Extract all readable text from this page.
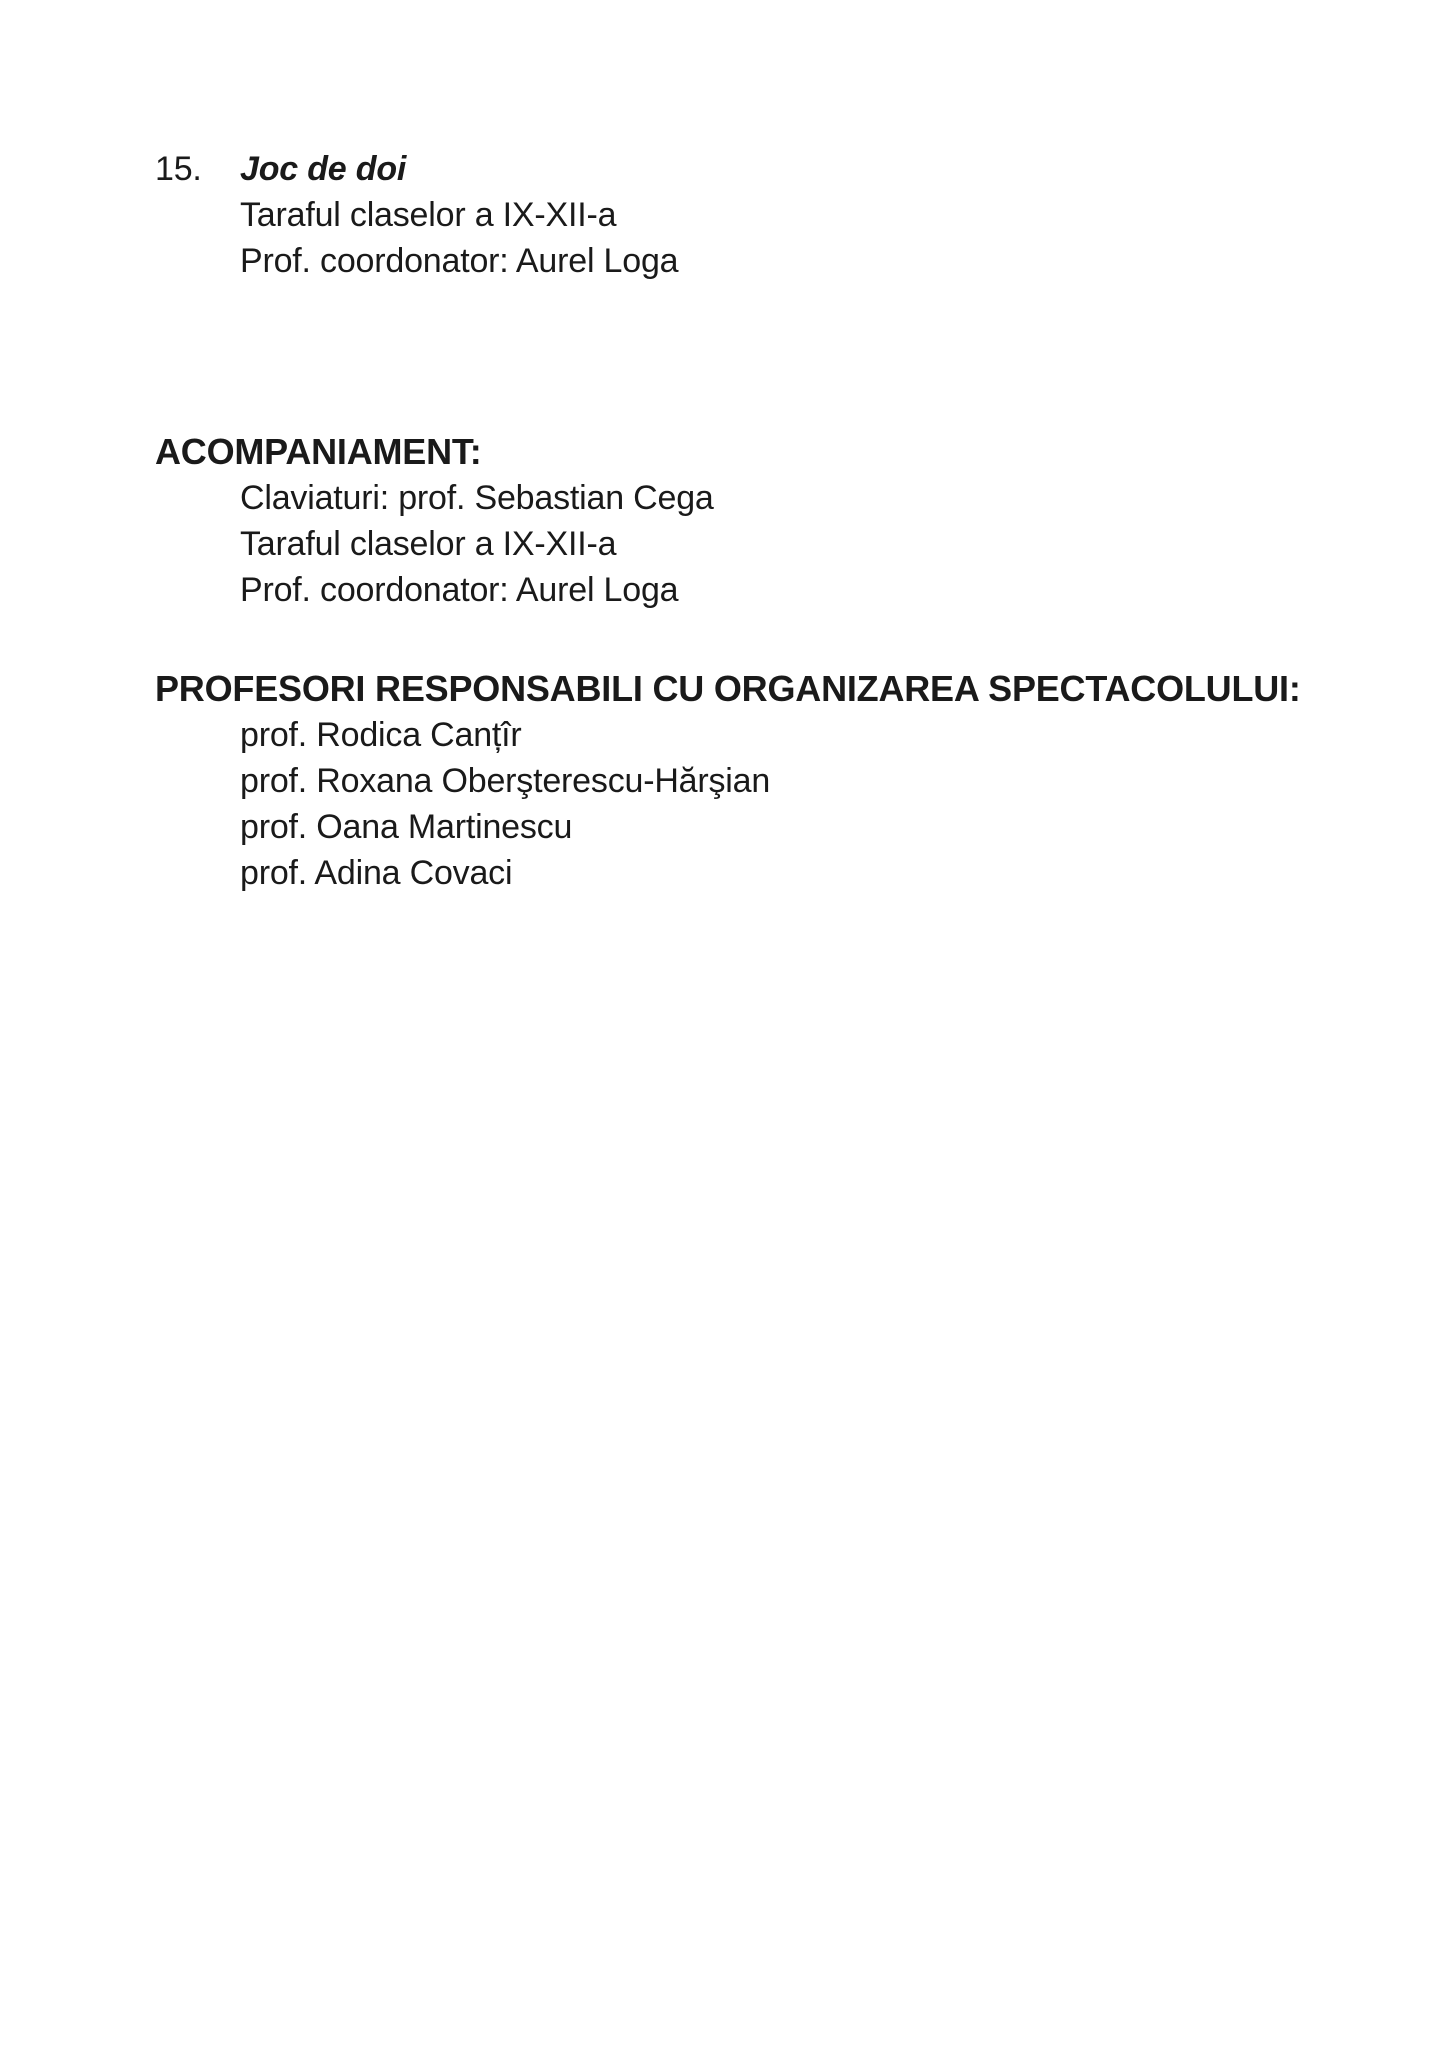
15.	Joc de doi
Taraful claselor a IX-XII-a
Prof. coordonator: Aurel Loga
ACOMPANIAMENT:
Claviaturi: prof. Sebastian Cega
Taraful claselor a IX-XII-a
Prof. coordonator: Aurel Loga
PROFESORI RESPONSABILI CU ORGANIZAREA SPECTACOLULUI:
prof. Rodica Canțîr
prof. Roxana Oberşterescu-Hărşian
prof. Oana Martinescu
prof. Adina Covaci
